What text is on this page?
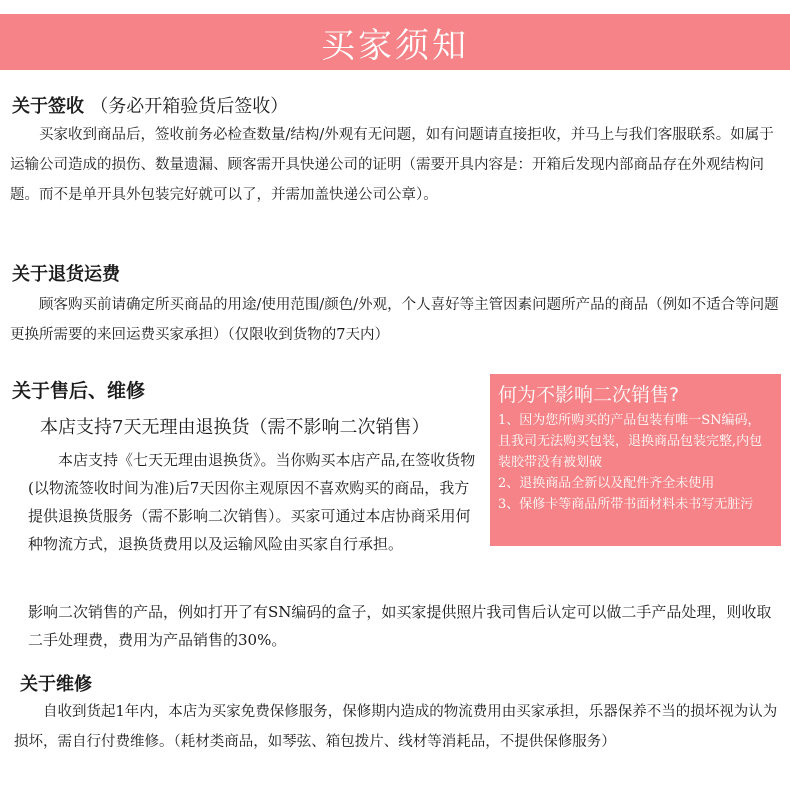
买家须知
关于签收 （务必开箱验货后签收）

买家收到商品后，签收前务必检查数量/结构/外观有无问题，如有问题请直接拒收，并马上与我们客服联系。如属于运输公司造成的损伤、数量遗漏、顾客需开具快递公司的证明（需要开具内容是：开箱后发现内部商品存在外观结构问题。而不是单开具外包装完好就可以了，并需加盖快递公司公章）。

关于退货运费

顾客购买前请确定所买商品的用途/使用范围/颜色/外观，个人喜好等主管因素问题所产品的商品（例如不适合等问题更换所需要的来回运费买家承担）（仅限收到货物的7天内）

关于售后、维修
本店支持7天无理由退换货（需不影响二次销售）

本店支持《七天无理由退换货》。当你购买本店产品,在签收货物(以物流签收时间为准)后7天因你主观原因不喜欢购买的商品，我方提供退换货服务（需不影响二次销售）。买家可通过本店协商采用何种物流方式，退换货费用以及运输风险由买家自行承担。

影响二次销售的产品，例如打开了有SN编码的盒子，如买家提供照片我司售后认定可以做二手产品处理，则收取二手处理费，费用为产品销售的30%。

何为不影响二次销售?

1、因为您所购买的产品包装有唯一SN编码，且我司无法购买包装，退换商品包装完整,内包装胶带没有被划破

2、退换商品全新以及配件齐全未使用

3、保修卡等商品所带书面材料未书写无脏污

关于维修

自收到货起1年内，本店为买家免费保修服务，保修期内造成的物流费用由买家承担，乐器保养不当的损坏视为认为损坏，需自行付费维修。（耗材类商品，如琴弦、箱包拨片、线材等消耗品，不提供保修服务）
